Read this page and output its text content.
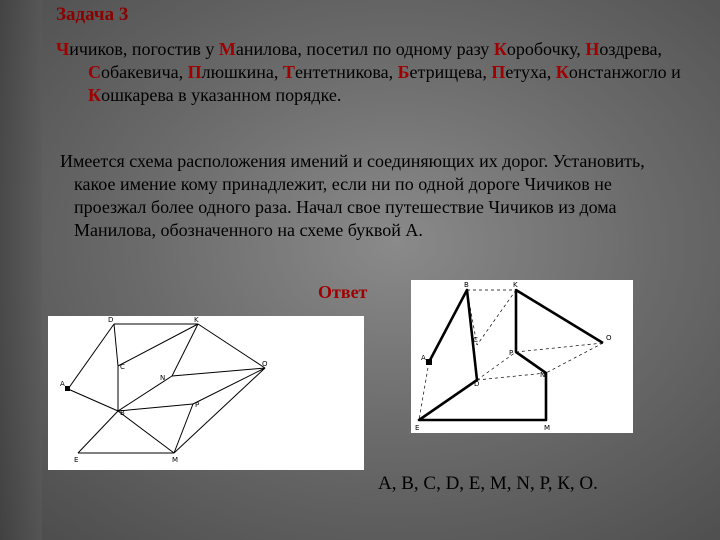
Задача 3
Чичиков, погостив у Манилова, посетил по одному разу Коробочку, Ноздрева, Собакевича, Плюшкина, Тентетникова, Бетрищева, Петуха, Констанжогло и Кошкарева в указанном порядке.
Имеется схема расположения имений и соединяющих их дорог. Установить, какое имение кому принадлежит, если ни по одной дороге Чичиков не проезжал более одного раза. Начал свое путешествие Чичиков из дома Манилова, обозначенного на схеме буквой А.
Ответ
D	K
C
A
N
P
O
B
E	M
B	K
C
A
P
O
N
D
E	M
А, В, С, D, Е, М, N, Р, К, О.
